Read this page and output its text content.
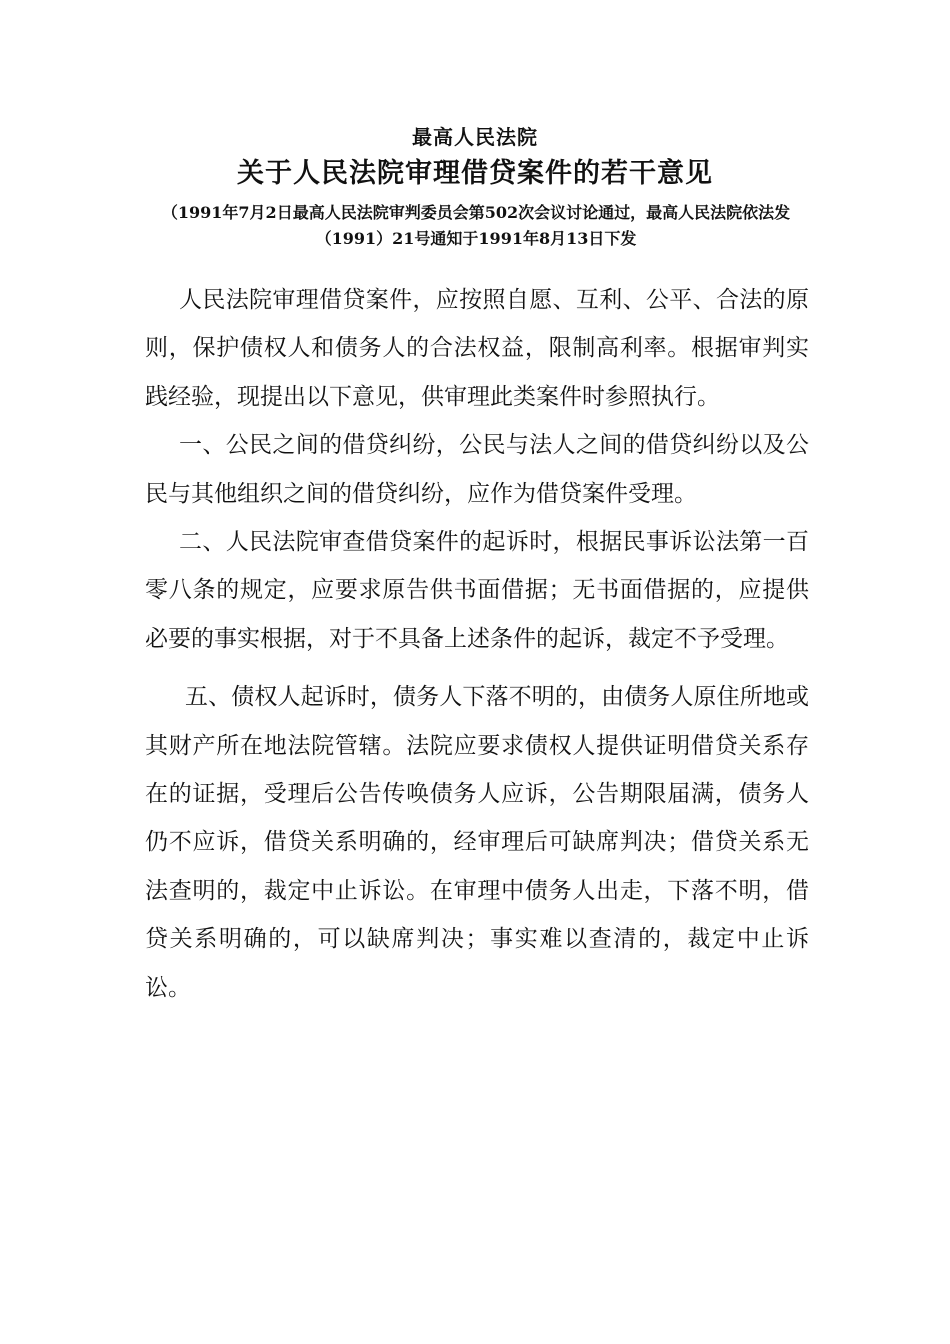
最高人民法院
关于人民法院审理借贷案件的若干意见
（1991年7月2日最高人民法院审判委员会第502次会议讨论通过，最高人民法院依法发（1991）21号通知于1991年8月13日下发

人民法院审理借贷案件，应按照自愿、互利、公平、合法的原则，保护债权人和债务人的合法权益，限制高利率。根据审判实践经验，现提出以下意见，供审理此类案件时参照执行。

一、公民之间的借贷纠纷，公民与法人之间的借贷纠纷以及公民与其他组织之间的借贷纠纷，应作为借贷案件受理。

二、人民法院审查借贷案件的起诉时，根据民事诉讼法第一百零八条的规定，应要求原告供书面借据；无书面借据的，应提供必要的事实根据，对于不具备上述条件的起诉，裁定不予受理。

五、债权人起诉时，债务人下落不明的，由债务人原住所地或其财产所在地法院管辖。法院应要求债权人提供证明借贷关系存在的证据，受理后公告传唤债务人应诉，公告期限届满，债务人仍不应诉，借贷关系明确的，经审理后可缺席判决；借贷关系无法查明的，裁定中止诉讼。在审理中债务人出走，下落不明，借贷关系明确的，可以缺席判决；事实难以查清的，裁定中止诉讼。
